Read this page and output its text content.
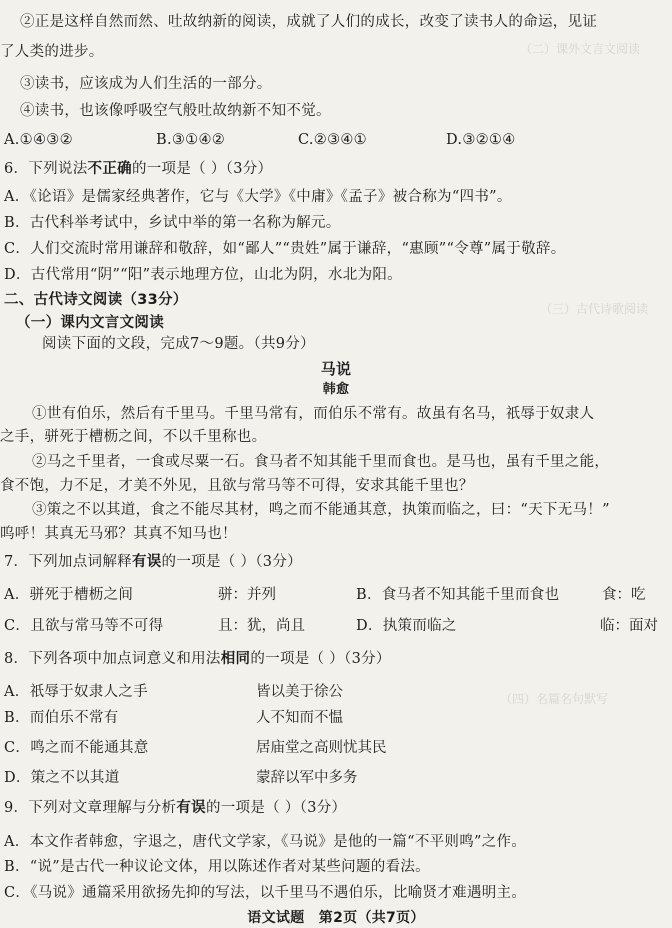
（二）课外文言文阅读
（三）古代诗歌阅读
（四）名篇名句默写
②正是这样自然而然、吐故纳新的阅读，成就了人们的成长，改变了读书人的命运，见证
了人类的进步。
③读书，应该成为人们生活的一部分。
④读书，也该像呼吸空气般吐故纳新不知不觉。
A.①④③②	B.③①④②	C.②③④①	D.③②①④
6．下列说法不正确的一项是（ ）（3分）
A．《论语》是儒家经典著作，它与《大学》《中庸》《孟子》被合称为“四书”。
B．古代科举考试中，乡试中举的第一名称为解元。
C．人们交流时常用谦辞和敬辞，如“鄙人”“贵姓”属于谦辞，“惠顾”“令尊”属于敬辞。
D．古代常用“阴”“阳”表示地理方位，山北为阴，水北为阳。
二、古代诗文阅读（33分）
（一）课内文言文阅读
阅读下面的文段，完成7～9题。（共9分）
马说
韩愈
①世有伯乐，然后有千里马。千里马常有，而伯乐不常有。故虽有名马，祇辱于奴隶人
之手，骈死于槽枥之间，不以千里称也。
②马之千里者，一食或尽粟一石。食马者不知其能千里而食也。是马也，虽有千里之能，
食不饱，力不足，才美不外见，且欲与常马等不可得，安求其能千里也？
③策之不以其道，食之不能尽其材，鸣之而不能通其意，执策而临之，曰：“天下无马！”
呜呼！其真无马邪？其真不知马也！
7．下列加点词解释有误的一项是（ ）（3分）
A．骈死于槽枥之间	骈：并列	B．食马者不知其能千里而食也	食：吃
C．且欲与常马等不可得	且：犹，尚且	D．执策而临之	临：面对
8．下列各项中加点词意义和用法相同的一项是（ ）（3分）
A．祇辱于奴隶人之手	皆以美于徐公
B．而伯乐不常有	人不知而不愠
C．鸣之而不能通其意	居庙堂之高则忧其民
D．策之不以其道	蒙辞以军中多务
9．下列对文章理解与分析有误的一项是（ ）（3分）
A．本文作者韩愈，字退之，唐代文学家，《马说》是他的一篇“不平则鸣”之作。
B．“说”是古代一种议论文体，用以陈述作者对某些问题的看法。
C．《马说》通篇采用欲扬先抑的写法，以千里马不遇伯乐，比喻贤才难遇明主。
语文试题　第2页（共7页）
